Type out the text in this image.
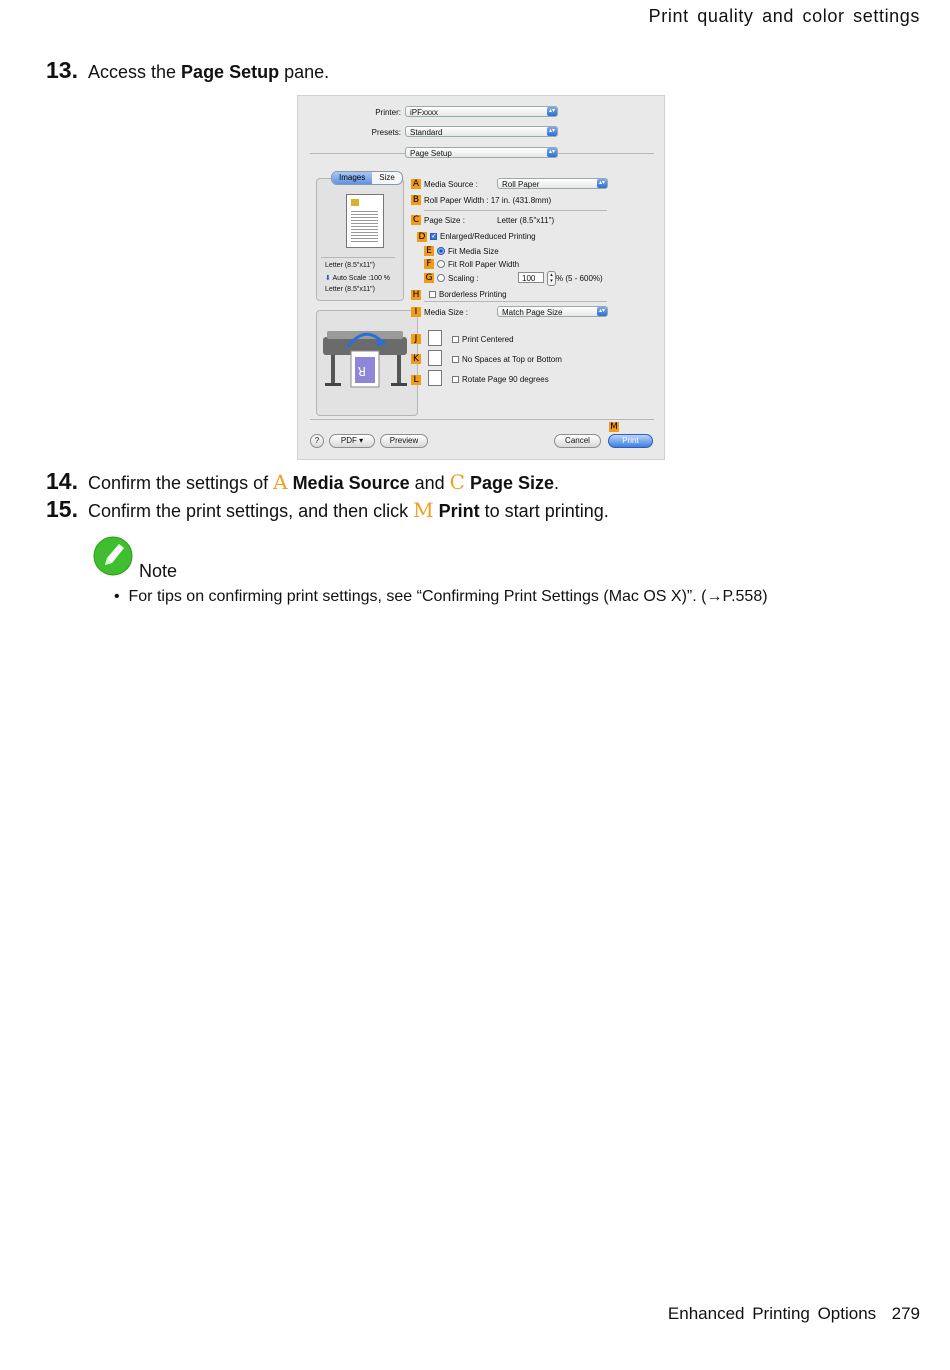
Print quality and color settings
13. Access the Page Setup pane.
Printer:	iPFxxxx	▴▾
Presets:	Standard	▴▾
Page Setup	▴▾
Letter (8.5"x11")
⬇ Auto Scale :100 %
Letter (8.5"x11")
Images	Size
R
A Media Source :	Roll Paper	▴▾
B Roll Paper Width : 17 in. (431.8mm)
C Page Size :	Letter (8.5"x11")
D
✓	Enlarged/Reduced Printing
E	Fit Media Size
F	Fit Roll Paper Width
G	Scaling :	100	▴
▾ % (5 - 600%)
H	Borderless Printing
I Media Size :	Match Page Size	▴▾
J	Print Centered
K	No Spaces at Top or Bottom
L	Rotate Page 90 degrees
?	PDF ▾	Preview	Cancel
M
Print
14. Confirm the settings of A Media Source and C Page Size.
15. Confirm the print settings, and then click M Print to start printing.
Note
• For tips on confirming print settings, see “Confirming Print Settings (Mac OS X)”. (→P.558)
Enhanced Printing Options 279
